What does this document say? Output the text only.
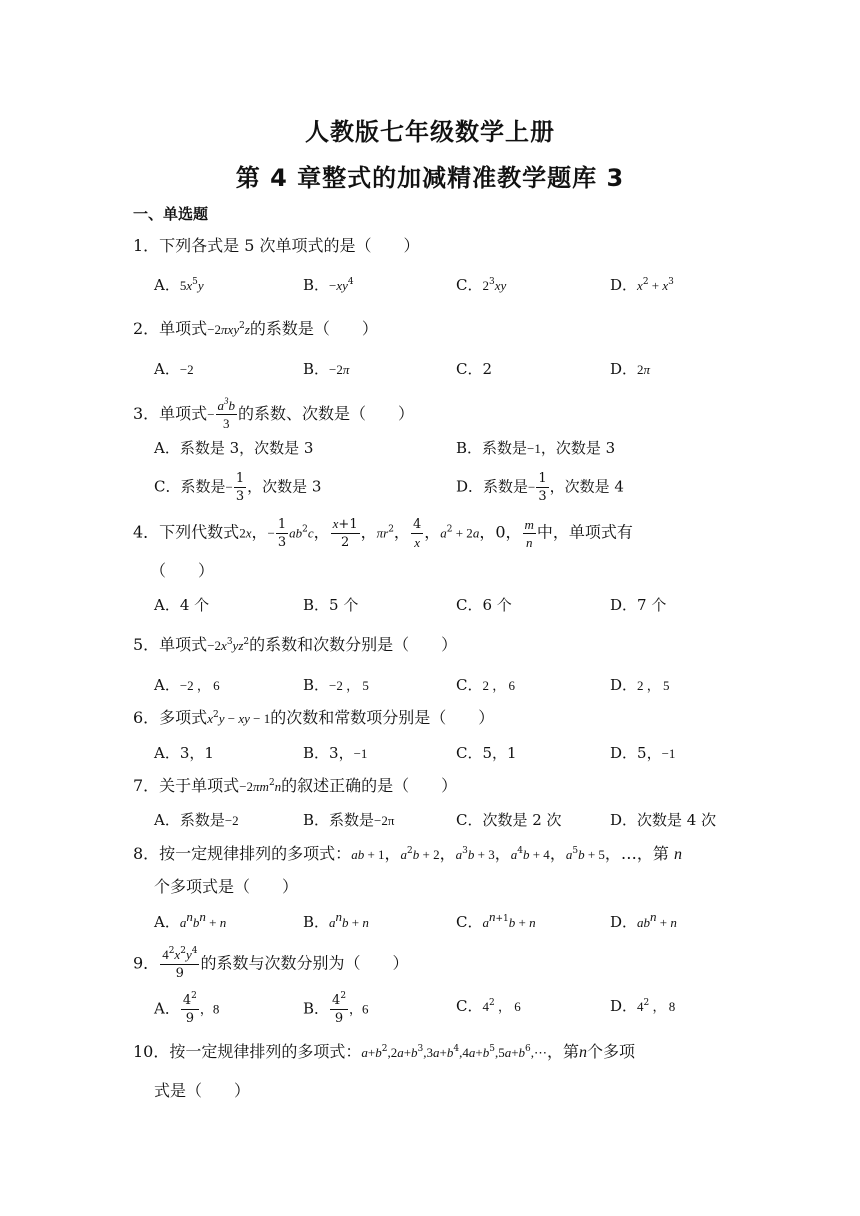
人教版七年级数学上册
第 4 章整式的加减精准教学题库 3
一、单选题
1．下列各式是 5 次单项式的是（　　）
A．$5x^5y$	B．$-xy^4$	C．$2^3xy$	D．$x^2 + x^3$
2．单项式−2πxy$^2$z的系数是（　　）
A．−2	B．−2π	C．2	D．2π
3．单项式− $\frac{a^3b}{3}$ 的系数、次数是（　　）
A．系数是 3，次数是 3	B．系数是−1，次数是 3
C．系数是− $\frac{1}{3}$ ，次数是 3	D．系数是− $\frac{1}{3}$ ，次数是 4
4．下列代数式2x，− $\frac{1}{3} ab^2c$， $\frac{x+1}{2}$ ，$\pi r^2$， $\frac{4}{x}$ ，$a^2 + 2a$，0， $\frac{m}{n}$ 中，单项式有
（　　）
A．4 个	B．5 个	C．6 个	D．7 个
5．单项式$-2x^3yz^2$的系数和次数分别是（　　）
A．−2 ， 6	B．−2 ， 5	C．2 ， 6	D．2 ， 5
6．多项式$x^2y$ − xy − 1的次数和常数项分别是（　　）
A．3，1	B．3，−1	C．5，1	D．5，−1
7．关于单项式$-2\pi m^2n$的叙述正确的是（　　）
A．系数是−2	B．系数是−2π	C．次数是 2 次	D．次数是 4 次
8．按一定规律排列的多项式：ab + 1，$a^2b + 2$，$a^3b + 3$，$a^4b + 4$，$a^5b + 5$，…，第 n
个多项式是（　　）
A．$a^nb^n + n$	B．$a^nb + n$	C．$a^{n+1}b + n$	D．$ab^n + n$
9． $\frac{4^2x^2y^4}{9}$ 的系数与次数分别为（　　）
A． $\frac{4^2}{9}$ ，8	B． $\frac{4^2}{9}$ ，6	C．$4^2$ ， 6	D．$4^2$ ， 8
10．按一定规律排列的多项式：$a+b^2,2a+b^3,3a+b^4,4a+b^5,5a+b^6,\cdots$，第n个多项
式是（　　）
